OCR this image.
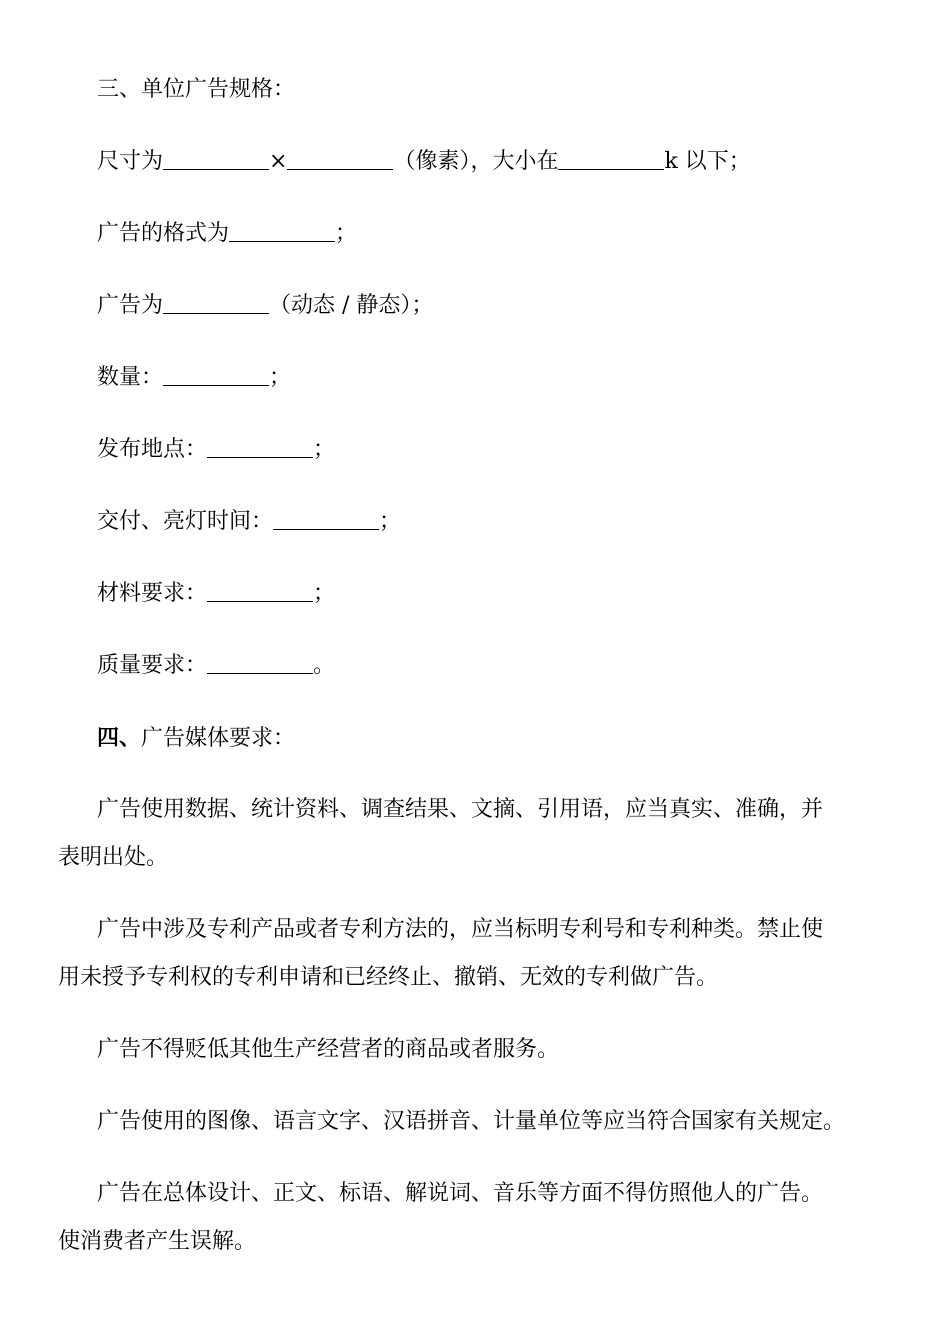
三、单位广告规格：
尺寸为	×	（像素），大小在	k 以下；
广告的格式为	；
广告为	（动态 / 静态）；
数量：	；
发布地点：	；
交付、亮灯时间：	；
材料要求：	；
质量要求：	。
四、广告媒体要求：
广告使用数据、统计资料、调查结果、文摘、引用语，应当真实、准确，并
表明出处。
广告中涉及专利产品或者专利方法的，应当标明专利号和专利种类。禁止使
用未授予专利权的专利申请和已经终止、撤销、无效的专利做广告。
广告不得贬低其他生产经营者的商品或者服务。
广告使用的图像、语言文字、汉语拼音、计量单位等应当符合国家有关规定。
广告在总体设计、正文、标语、解说词、音乐等方面不得仿照他人的广告。
使消费者产生误解。
